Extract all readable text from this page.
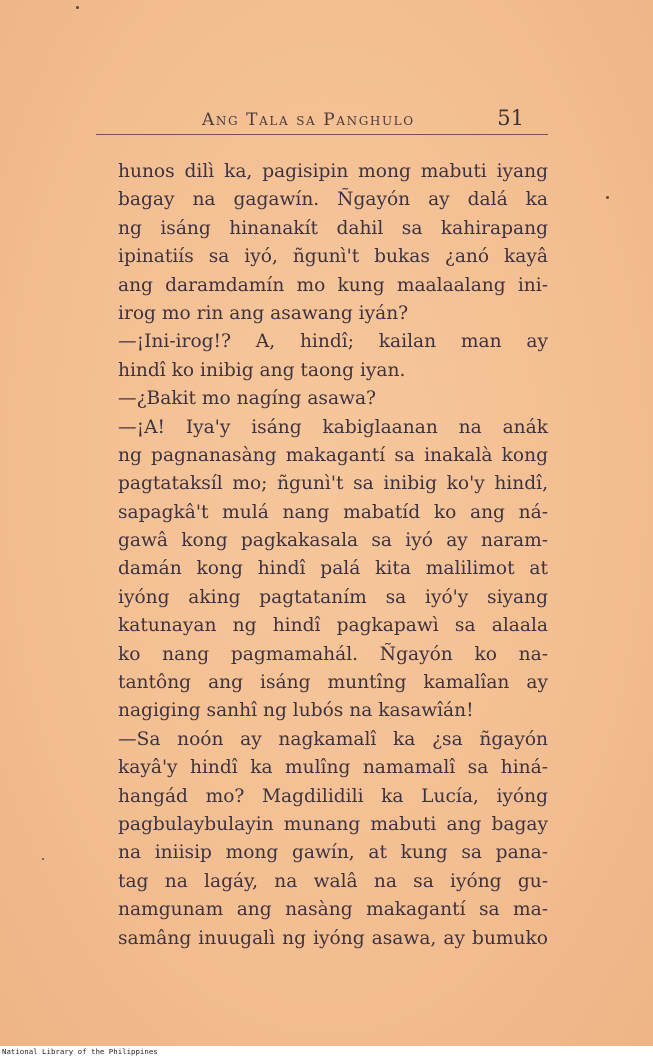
Ang Tala sa Panghulo	51
hunos dilì ka, pagisipin mong mabuti iyang
bagay na gagawín. Ñgayón ay dalá ka
ng isáng hinanakít dahil sa kahirapang
ipinatiís sa iyó, ñgunì't bukas ¿anó kayâ
ang daramdamín mo kung maalaalang ini-
irog mo rin ang asawang iyán?
—¡Ini-irog!? A, hindî; kailan man ay
hindî ko inibig ang taong iyan.
—¿Bakit mo nagíng asawa?
—¡A! Iya'y isáng kabiglaanan na anák
ng pagnanasàng makagantí sa inakalà kong
pagtataksíl mo; ñgunì't sa inibig ko'y hindî,
sapagkâ't mulá nang mabatíd ko ang ná-
gawâ kong pagkakasala sa iyó ay naram-
damán kong hindî palá kita malilimot at
iyóng aking pagtataním sa iyó'y siyang
katunayan ng hindî pagkapawì sa alaala
ko nang pagmamahál. Ñgayón ko na-
tantông ang isáng muntîng kamalîan ay
nagiging sanhî ng lubós na kasawîán!
—Sa noón ay nagkamalî ka ¿sa ñgayón
kayâ'y hindî ka mulîng namamalî sa hiná-
hangád mo? Magdilidili ka Lucía, iyóng
pagbulaybulayin munang mabuti ang bagay
na iniisip mong gawín, at kung sa pana-
tag na lagáy, na walâ na sa iyóng gu-
namgunam ang nasàng makagantí sa ma-
samâng inuugalì ng iyóng asawa, ay bumuko
National Library of the Philippines
